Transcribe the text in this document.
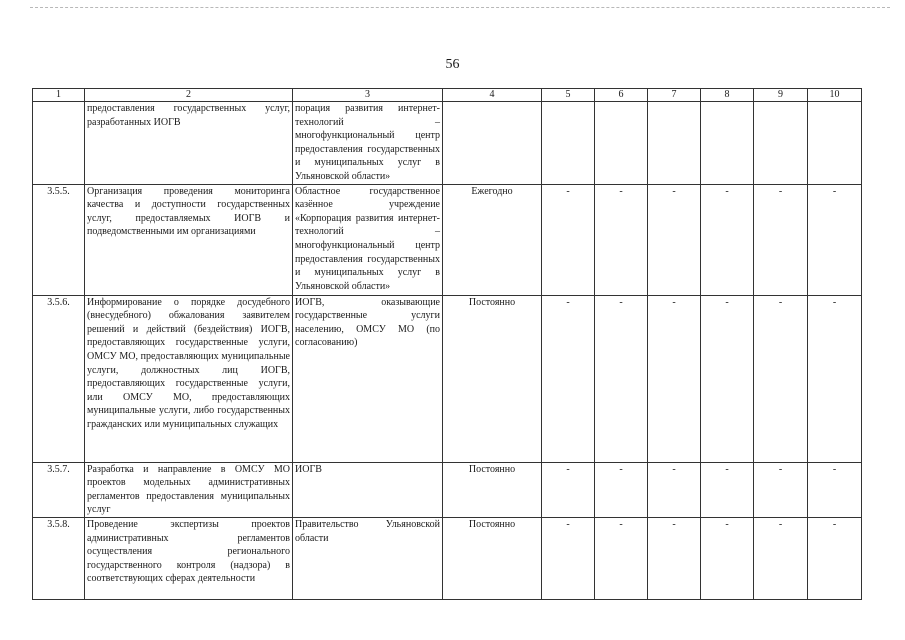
56
1	2	3	4	5	6	7	8	9	10
	предоставления государственных услуг, разработанных ИОГВ	порация развития интернет-технологий – многофункциональный центр предоставления государственных и муниципальных услуг в Ульяновской области»							
3.5.5.	Организация проведения мониторинга качества и доступности государственных услуг, предоставляемых ИОГВ и подведомственными им организациями	Областное государственное казённое учреждение «Корпорация развития интернет-технологий – многофункциональный центр предоставления государственных и муниципальных услуг в Ульяновской области»	Ежегодно	-	-	-	-	-	-
3.5.6.	Информирование о порядке досудебного (внесудебного) обжалования заявителем решений и действий (бездействия) ИОГВ, предоставляющих государственные услуги, ОМСУ МО, предоставляющих муниципальные услуги, должностных лиц ИОГВ, предоставляющих государственные услуги, или ОМСУ МО, предоставляющих муниципальные услуги, либо государственных гражданских или муниципальных служащих	ИОГВ, оказывающие государственные услуги населению, ОМСУ МО (по согласованию)	Постоянно	-	-	-	-	-	-
3.5.7.	Разработка и направление в ОМСУ МО проектов модельных административных регламентов предоставления муниципальных услуг	ИОГВ	Постоянно	-	-	-	-	-	-
3.5.8.	Проведение экспертизы проектов административных регламентов осуществления регионального государственного контроля (надзора) в соответствующих сферах деятельности	Правительство Ульяновской области	Постоянно	-	-	-	-	-	-
